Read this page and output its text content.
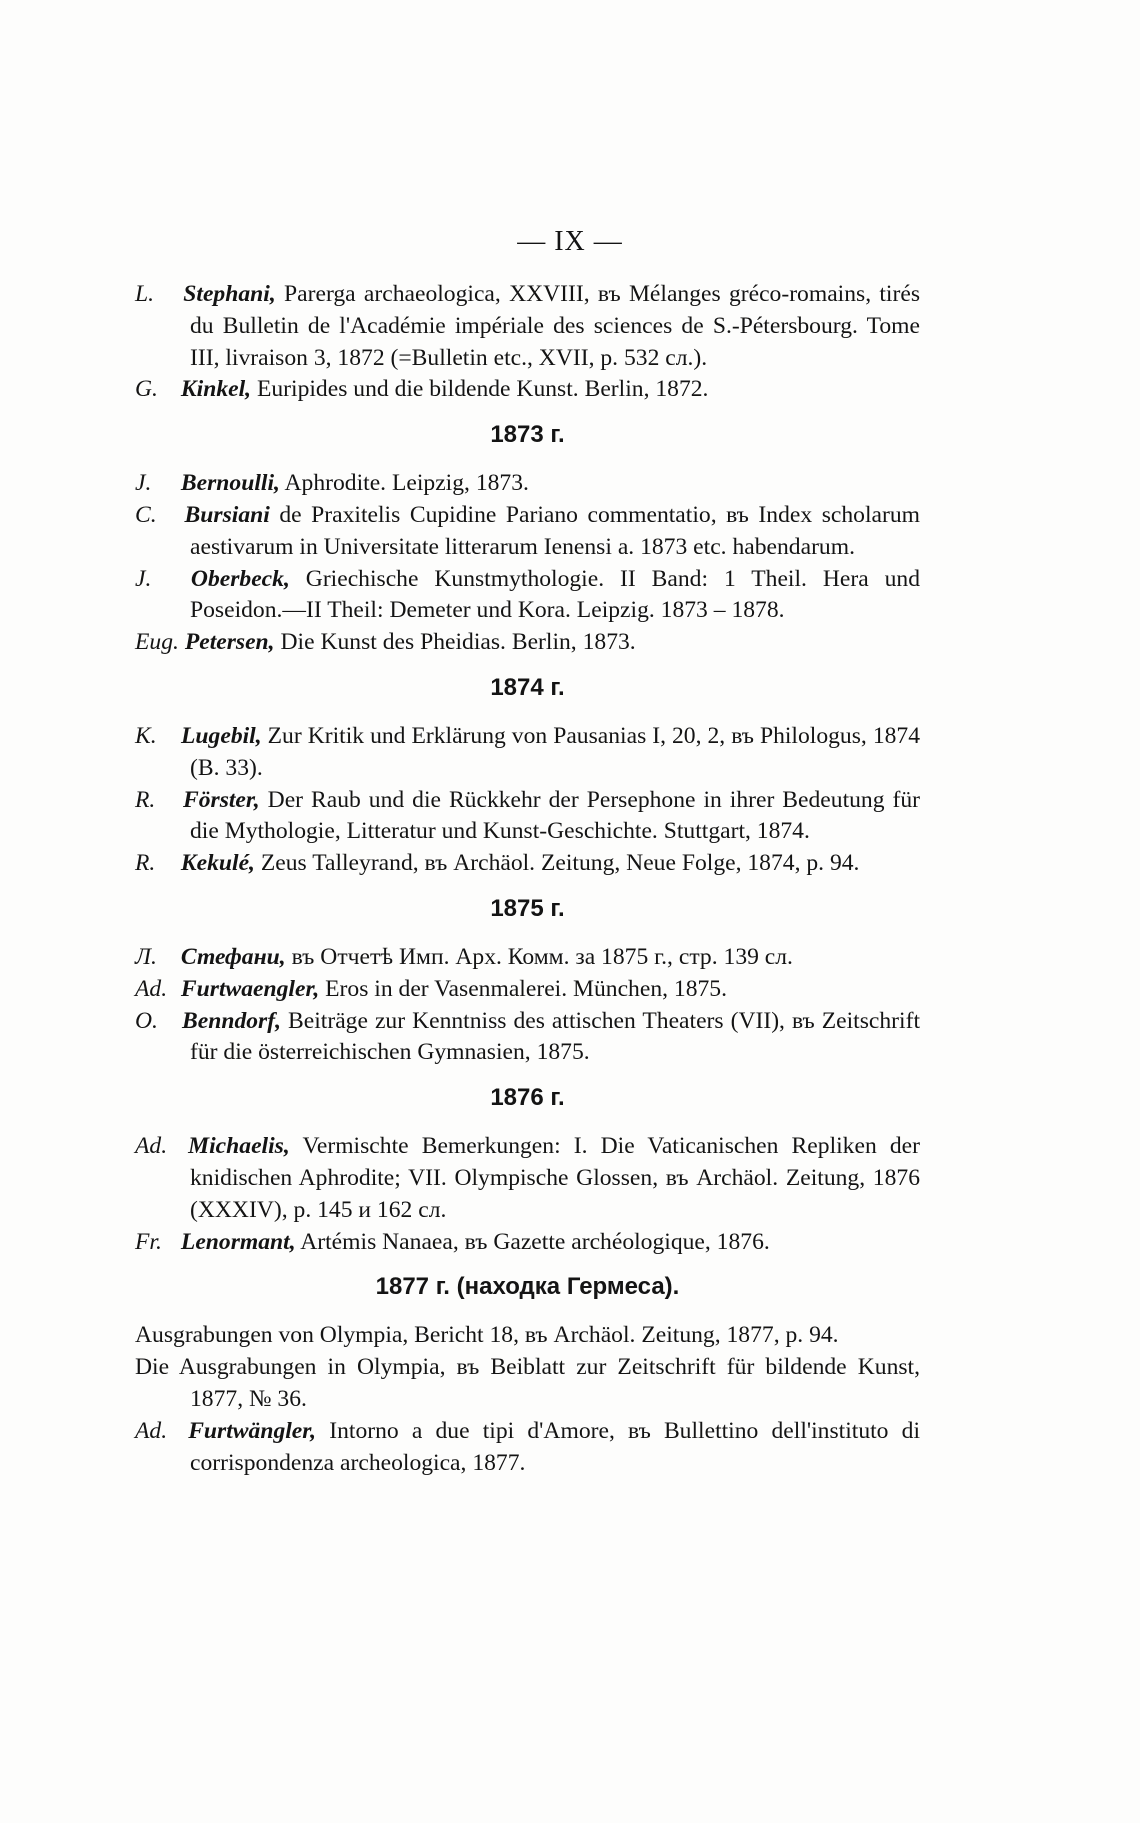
— IX —

L. Stephani, Parerga archaeologica, XXVIII, въ Mélanges gréco-romains, tirés du Bulletin de l'Académie impériale des sciences de S.-Pétersbourg. Tome III, livraison 3, 1872 (=Bulletin etc., XVII, p. 532 сл.).

G. Kinkel, Euripides und die bildende Kunst. Berlin, 1872.

1873 г.

J. Bernoulli, Aphrodite. Leipzig, 1873.

C. Bursiani de Praxitelis Cupidine Pariano commentatio, въ Index scholarum aestivarum in Universitate litterarum Ienensi a. 1873 etc. habendarum.

J. Oberbeck, Griechische Kunstmythologie. II Band: 1 Theil. Hera und Poseidon.—II Theil: Demeter und Kora. Leipzig. 1873 – 1878.

Eug. Petersen, Die Kunst des Pheidias. Berlin, 1873.

1874 г.

K. Lugebil, Zur Kritik und Erklärung von Pausanias I, 20, 2, въ Philologus, 1874 (B. 33).

R. Förster, Der Raub und die Rückkehr der Persephone in ihrer Bedeutung für die Mythologie, Litteratur und Kunst-Geschichte. Stuttgart, 1874.

R. Kekulé, Zeus Talleyrand, въ Archäol. Zeitung, Neue Folge, 1874, p. 94.

1875 г.

Л. Стефани, въ Отчетѣ Имп. Арх. Комм. за 1875 г., стр. 139 сл.

Ad. Furtwaengler, Eros in der Vasenmalerei. München, 1875.

O. Benndorf, Beiträge zur Kenntniss des attischen Theaters (VII), въ Zeitschrift für die österreichischen Gymnasien, 1875.

1876 г.

Ad. Michaelis, Vermischte Bemerkungen: I. Die Vaticanischen Repliken der knidischen Aphrodite; VII. Olympische Glossen, въ Archäol. Zeitung, 1876 (XXXIV), p. 145 и 162 сл.

Fr. Lenormant, Artémis Nanaea, въ Gazette archéologique, 1876.

1877 г. (находка Гермеса).

Ausgrabungen von Olympia, Bericht 18, въ Archäol. Zeitung, 1877, p. 94.

Die Ausgrabungen in Olympia, въ Beiblatt zur Zeitschrift für bildende Kunst, 1877, № 36.

Ad. Furtwängler, Intorno a due tipi d'Amore, въ Bullettino dell'instituto di corrispondenza archeologica, 1877.
